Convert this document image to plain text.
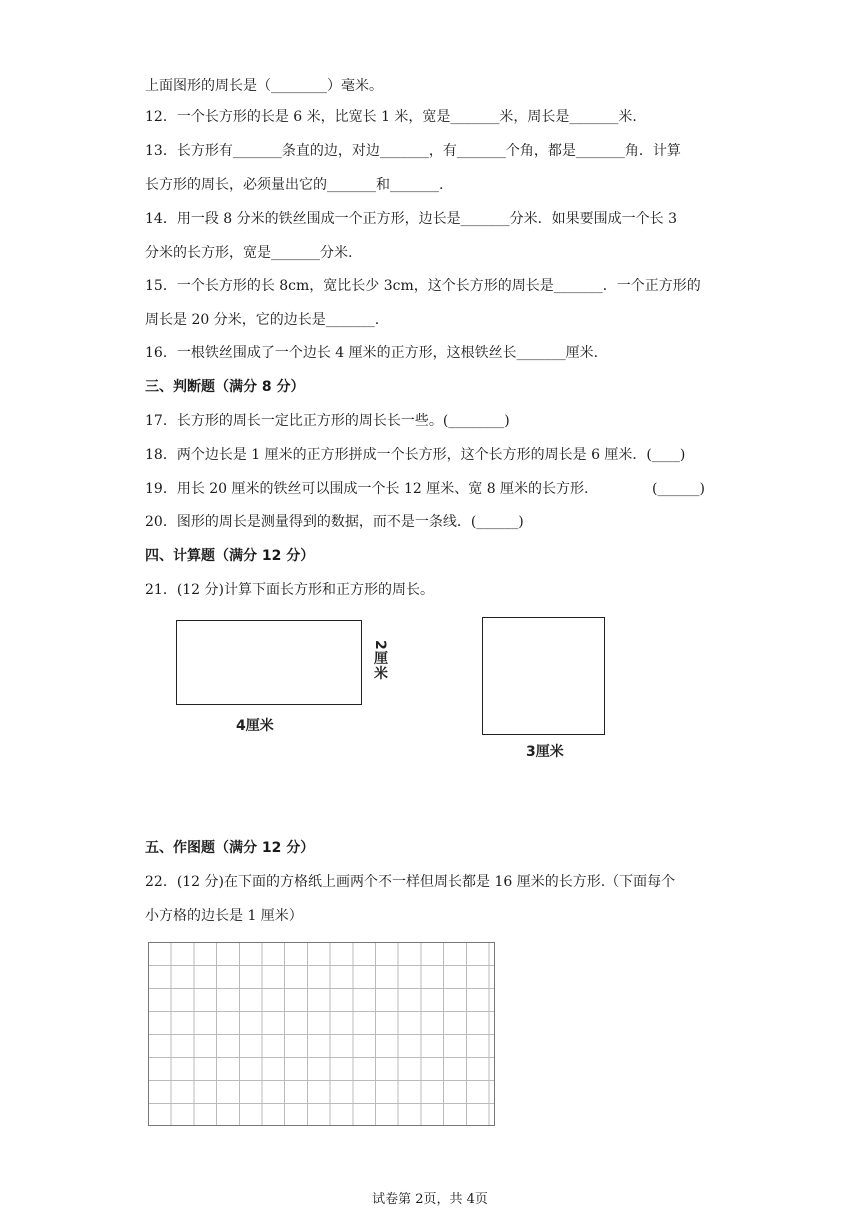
上面图形的周长是（________）毫米。
12．一个长方形的长是 6 米，比宽长 1 米，宽是_______米，周长是_______米.
13．长方形有_______条直的边，对边_______，有_______个角，都是_______角．计算
长方形的周长，必须量出它的_______和_______.
14．用一段 8 分米的铁丝围成一个正方形，边长是_______分米．如果要围成一个长 3
分米的长方形，宽是_______分米.
15．一个长方形的长 8cm，宽比长少 3cm，这个长方形的周长是_______．一个正方形的
周长是 20 分米，它的边长是_______.
16．一根铁丝围成了一个边长 4 厘米的正方形，这根铁丝长_______厘米.
三、判断题（满分 8 分）
17．长方形的周长一定比正方形的周长长一些。(________)
18．两个边长是 1 厘米的正方形拼成一个长方形，这个长方形的周长是 6 厘米．(____)
19．用长 20 厘米的铁丝可以围成一个长 12 厘米、宽 8 厘米的长方形.	(______)
20．图形的周长是测量得到的数据，而不是一条线．(______)
四、计算题（满分 12 分）
21．(12 分)计算下面长方形和正方形的周长。
4厘米
2厘米
3厘米
五、作图题（满分 12 分）
22．(12 分)在下面的方格纸上画两个不一样但周长都是 16 厘米的长方形.（下面每个
小方格的边长是 1 厘米）
试卷第 2页，共 4页
